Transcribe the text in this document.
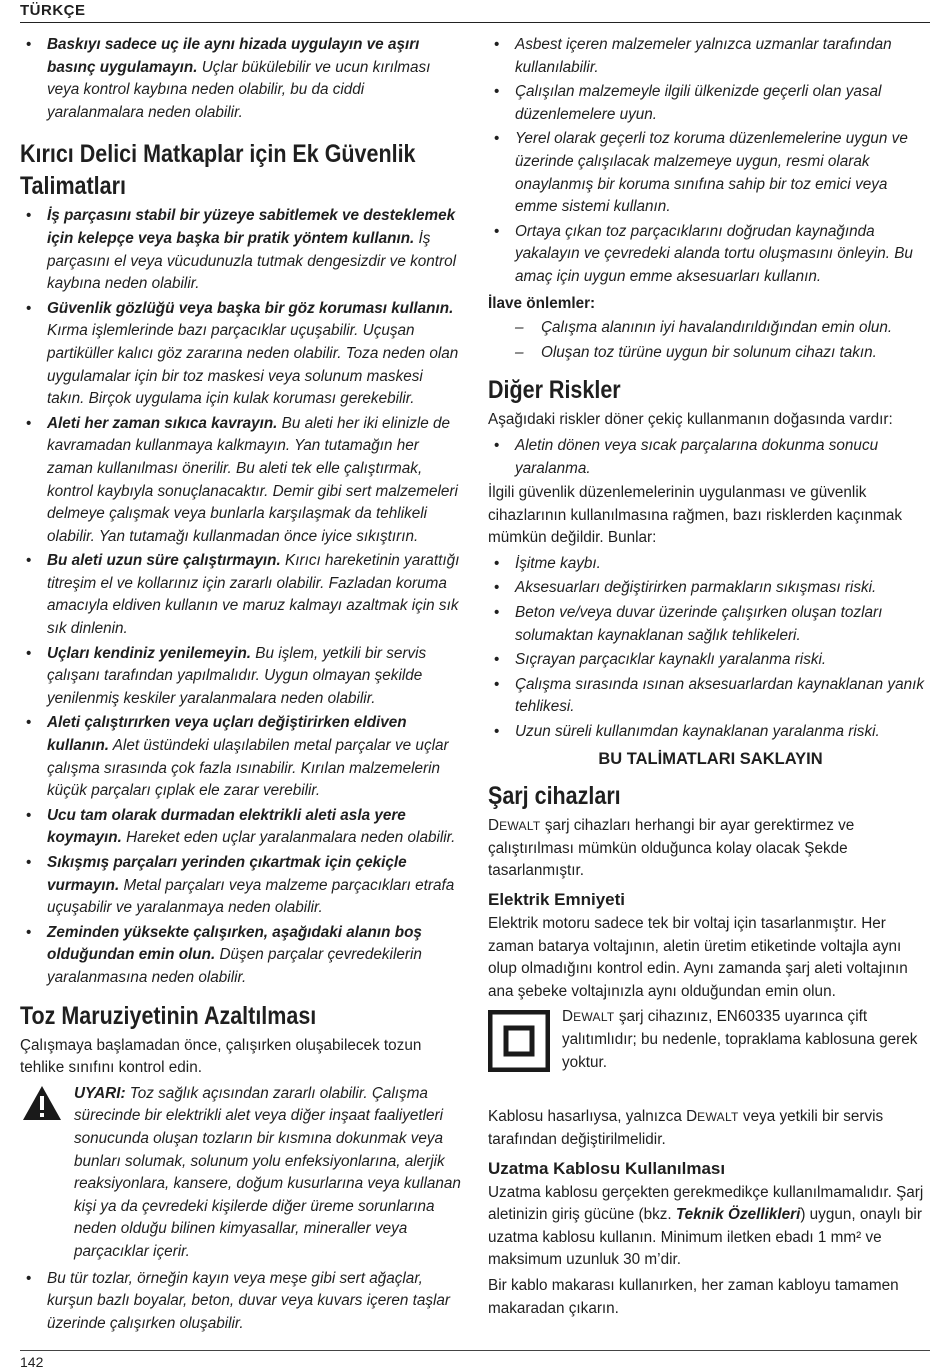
TÜRKÇE
• Baskıyı sadece uç ile aynı hizada uygulayın ve aşırı basınç uygulamayın. Uçlar bükülebilir ve ucun kırılması veya kontrol kaybına neden olabilir, bu da ciddi yaralanmalara neden olabilir.
Kırıcı Delici Matkaplar için Ek Güvenlik Talimatları
• İş parçasını stabil bir yüzeye sabitlemek ve desteklemek için kelepçe veya başka bir pratik yöntem kullanın. İş parçasını el veya vücudunuzla tutmak dengesizdir ve kontrol kaybına neden olabilir.
• Güvenlik gözlüğü veya başka bir göz koruması kullanın. Kırma işlemlerinde bazı parçacıklar uçuşabilir. Uçuşan partiküller kalıcı göz zararına neden olabilir. Toza neden olan uygulamalar için bir toz maskesi veya solunum maskesi takın. Birçok uygulama için kulak koruması gerekebilir.
• Aleti her zaman sıkıca kavrayın. Bu aleti her iki elinizle de kavramadan kullanmaya kalkmayın. Yan tutamağın her zaman kullanılması önerilir. Bu aleti tek elle çalıştırmak, kontrol kaybıyla sonuçlanacaktır. Demir gibi sert malzemeleri delmeye çalışmak veya bunlarla karşılaşmak da tehlikeli olabilir. Yan tutamağı kullanmadan önce iyice sıkıştırın.
• Bu aleti uzun süre çalıştırmayın. Kırıcı hareketinin yarattığı titreşim el ve kollarınız için zararlı olabilir. Fazladan koruma amacıyla eldiven kullanın ve maruz kalmayı azaltmak için sık sık dinlenin.
• Uçları kendiniz yenilemeyin. Bu işlem, yetkili bir servis çalışanı tarafından yapılmalıdır. Uygun olmayan şekilde yenilenmiş keskiler yaralanmalara neden olabilir.
• Aleti çalıştırırken veya uçları değiştirirken eldiven kullanın. Alet üstündeki ulaşılabilen metal parçalar ve uçlar çalışma sırasında çok fazla ısınabilir. Kırılan malzemelerin küçük parçaları çıplak ele zarar verebilir.
• Ucu tam olarak durmadan elektrikli aleti asla yere koymayın. Hareket eden uçlar yaralanmalara neden olabilir.
• Sıkışmış parçaları yerinden çıkartmak için çekiçle vurmayın. Metal parçaları veya malzeme parçacıkları etrafa uçuşabilir ve yaralanmaya neden olabilir.
• Zeminden yüksekte çalışırken, aşağıdaki alanın boş olduğundan emin olun. Düşen parçalar çevredekilerin yaralanmasına neden olabilir.
Toz Maruziyetinin Azaltılması

Çalışmaya başlamadan önce, çalışırken oluşabilecek tozun tehlike sınıfını kontrol edin.

UYARI: Toz sağlık açısından zararlı olabilir. Çalışma sürecinde bir elektrikli alet veya diğer inşaat faaliyetleri sonucunda oluşan tozların bir kısmına dokunmak veya bunları solumak, solunum yolu enfeksiyonlarına, alerjik reaksiyonlara, kansere, doğum kusurlarına veya kullanan kişi ya da çevredeki kişilerde diğer üreme sorunlarına neden olduğu bilinen kimyasallar, mineraller veya parçacıklar içerir.
• Bu tür tozlar, örneğin kayın veya meşe gibi sert ağaçlar, kurşun bazlı boyalar, beton, duvar veya kuvars içeren taşlar üzerinde çalışırken oluşabilir.
• Asbest içeren malzemeler yalnızca uzmanlar tarafından kullanılabilir.
• Çalışılan malzemeyle ilgili ülkenizde geçerli olan yasal düzenlemelere uyun.
• Yerel olarak geçerli toz koruma düzenlemelerine uygun ve üzerinde çalışılacak malzemeye uygun, resmi olarak onaylanmış bir koruma sınıfına sahip bir toz emici veya emme sistemi kullanın.
• Ortaya çıkan toz parçacıklarını doğrudan kaynağında yakalayın ve çevredeki alanda tortu oluşmasını önleyin. Bu amaç için uygun emme aksesuarları kullanın.
İlave önlemler:
– Çalışma alanının iyi havalandırıldığından emin olun.
– Oluşan toz türüne uygun bir solunum cihazı takın.
Diğer Riskler

Aşağıdaki riskler döner çekiç kullanmanın doğasında vardır:

• Aletin dönen veya sıcak parçalarına dokunma sonucu yaralanma.

İlgili güvenlik düzenlemelerinin uygulanması ve güvenlik cihazlarının kullanılmasına rağmen, bazı risklerden kaçınmak mümkün değildir. Bunlar:

• İşitme kaybı.
• Aksesuarları değiştirirken parmakların sıkışması riski.
• Beton ve/veya duvar üzerinde çalışırken oluşan tozları solumaktan kaynaklanan sağlık tehlikeleri.
• Sıçrayan parçacıklar kaynaklı yaralanma riski.
• Çalışma sırasında ısınan aksesuarlardan kaynaklanan yanık tehlikesi.
• Uzun süreli kullanımdan kaynaklanan yaralanma riski.
BU TALİMATLARI SAKLAYIN
Şarj cihazları

DEWALT şarj cihazları herhangi bir ayar gerektirmez ve çalıştırılması mümkün olduğunca kolay olacak Şekde tasarlanmıştır.

Elektrik Emniyeti

Elektrik motoru sadece tek bir voltaj için tasarlanmıştır. Her zaman batarya voltajının, aletin üretim etiketinde voltajla aynı olup olmadığını kontrol edin. Aynı zamanda şarj aleti voltajının ana şebeke voltajınızla aynı olduğundan emin olun.

DEWALT şarj cihazınız, EN60335 uyarınca çift yalıtımlıdır; bu nedenle, topraklama kablosuna gerek yoktur.

Kablosu hasarlıysa, yalnızca DEWALT veya yetkili bir servis tarafından değiştirilmelidir.

Uzatma Kablosu Kullanılması

Uzatma kablosu gerçekten gerekmedikçe kullanılmamalıdır. Şarj aletinizin giriş gücüne (bkz. Teknik Özellikleri) uygun, onaylı bir uzatma kablosu kullanın. Minimum iletken ebadı 1 mm² ve maksimum uzunluk 30 m’dir.

Bir kablo makarası kullanırken, her zaman kabloyu tamamen makaradan çıkarın.

142
